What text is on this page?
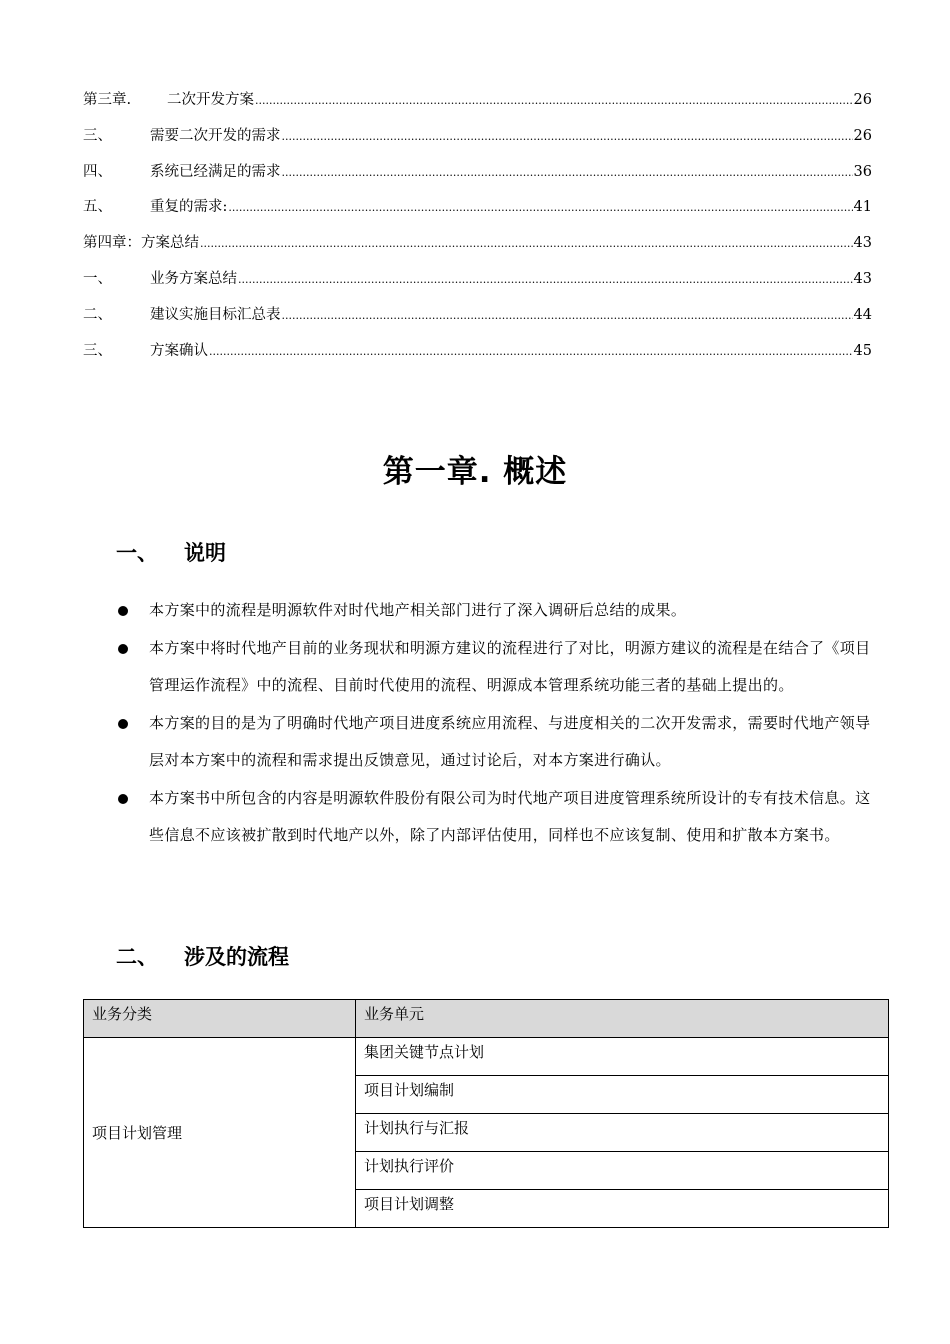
第三章.	二次开发方案 .....	26
三、	需要二次开发的需求 .....	26
四、	系统已经满足的需求 .....	36
五、	重复的需求: .....	41
第四章： 方案总结 .....	43
一、	业务方案总结 .....	43
二、	建议实施目标汇总表 .....	44
三、	方案确认 .....	45
第一章. 概述
一、	说明
本方案中的流程是明源软件对时代地产相关部门进行了深入调研后总结的成果。
本方案中将时代地产目前的业务现状和明源方建议的流程进行了对比，明源方建议的流程是在结合了《项目管理运作流程》中的流程、目前时代使用的流程、明源成本管理系统功能三者的基础上提出的。
本方案的目的是为了明确时代地产项目进度系统应用流程、与进度相关的二次开发需求，需要时代地产领导层对本方案中的流程和需求提出反馈意见，通过讨论后，对本方案进行确认。
本方案书中所包含的内容是明源软件股份有限公司为时代地产项目进度管理系统所设计的专有技术信息。这些信息不应该被扩散到时代地产以外，除了内部评估使用，同样也不应该复制、使用和扩散本方案书。
二、	涉及的流程
业务分类	业务单元
项目计划管理	集团关键节点计划
	项目计划编制
	计划执行与汇报
	计划执行评价
	项目计划调整
